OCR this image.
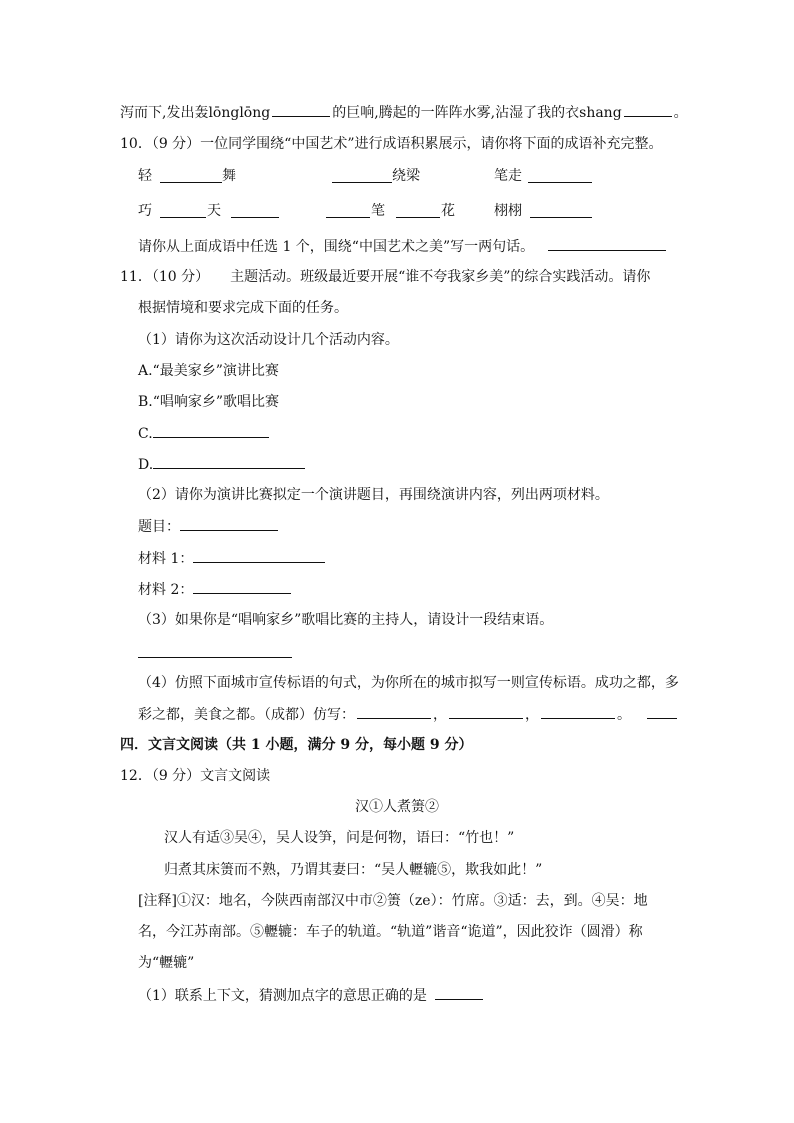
泻而下,发出轰lōnglōng	的巨响,腾起的一阵阵水雾,沾湿了我的衣shang	。
10．（9 分）一位同学围绕“中国艺术”进行成语积累展示，请你将下面的成语补充完整。
轻	舞	绕梁	笔走
巧	天	笔	花	栩栩
请你从上面成语中任选 1 个，围绕“中国艺术之美”写一两句话。
11．（10 分）　　主题活动。班级最近要开展“谁不夸我家乡美”的综合实践活动。请你
根据情境和要求完成下面的任务。
（1）请你为这次活动设计几个活动内容。
A.“最美家乡”演讲比赛
B.“唱响家乡”歌唱比赛
C.
D.
（2）请你为演讲比赛拟定一个演讲题目，再围绕演讲内容，列出两项材料。
题目：
材料 1：
材料 2：
（3）如果你是“唱响家乡”歌唱比赛的主持人，请设计一段结束语。
（4）仿照下面城市宣传标语的句式，为你所在的城市拟写一则宣传标语。成功之都，多
彩之都，美食之都。（成都）仿写：	，	，	。
四．文言文阅读（共 1 小题，满分 9 分，每小题 9 分）
12．（9 分）文言文阅读
汉①人煮箦②
汉人有适③吴④，吴人设笋，问是何物，语曰：“竹也！”
归煮其床箦而不熟，乃谓其妻曰：“吴人轣辘⑤，欺我如此！”
[注释]①汉：地名，今陕西南部汉中市②箦（ze）：竹席。③适：去，到。④吴：地
名，今江苏南部。⑤轣辘：车子的轨道。“轨道”谐音“诡道”，因此狡诈（圆滑）称
为“轣辘”
（1）联系上下文，猜测加点字的意思正确的是
